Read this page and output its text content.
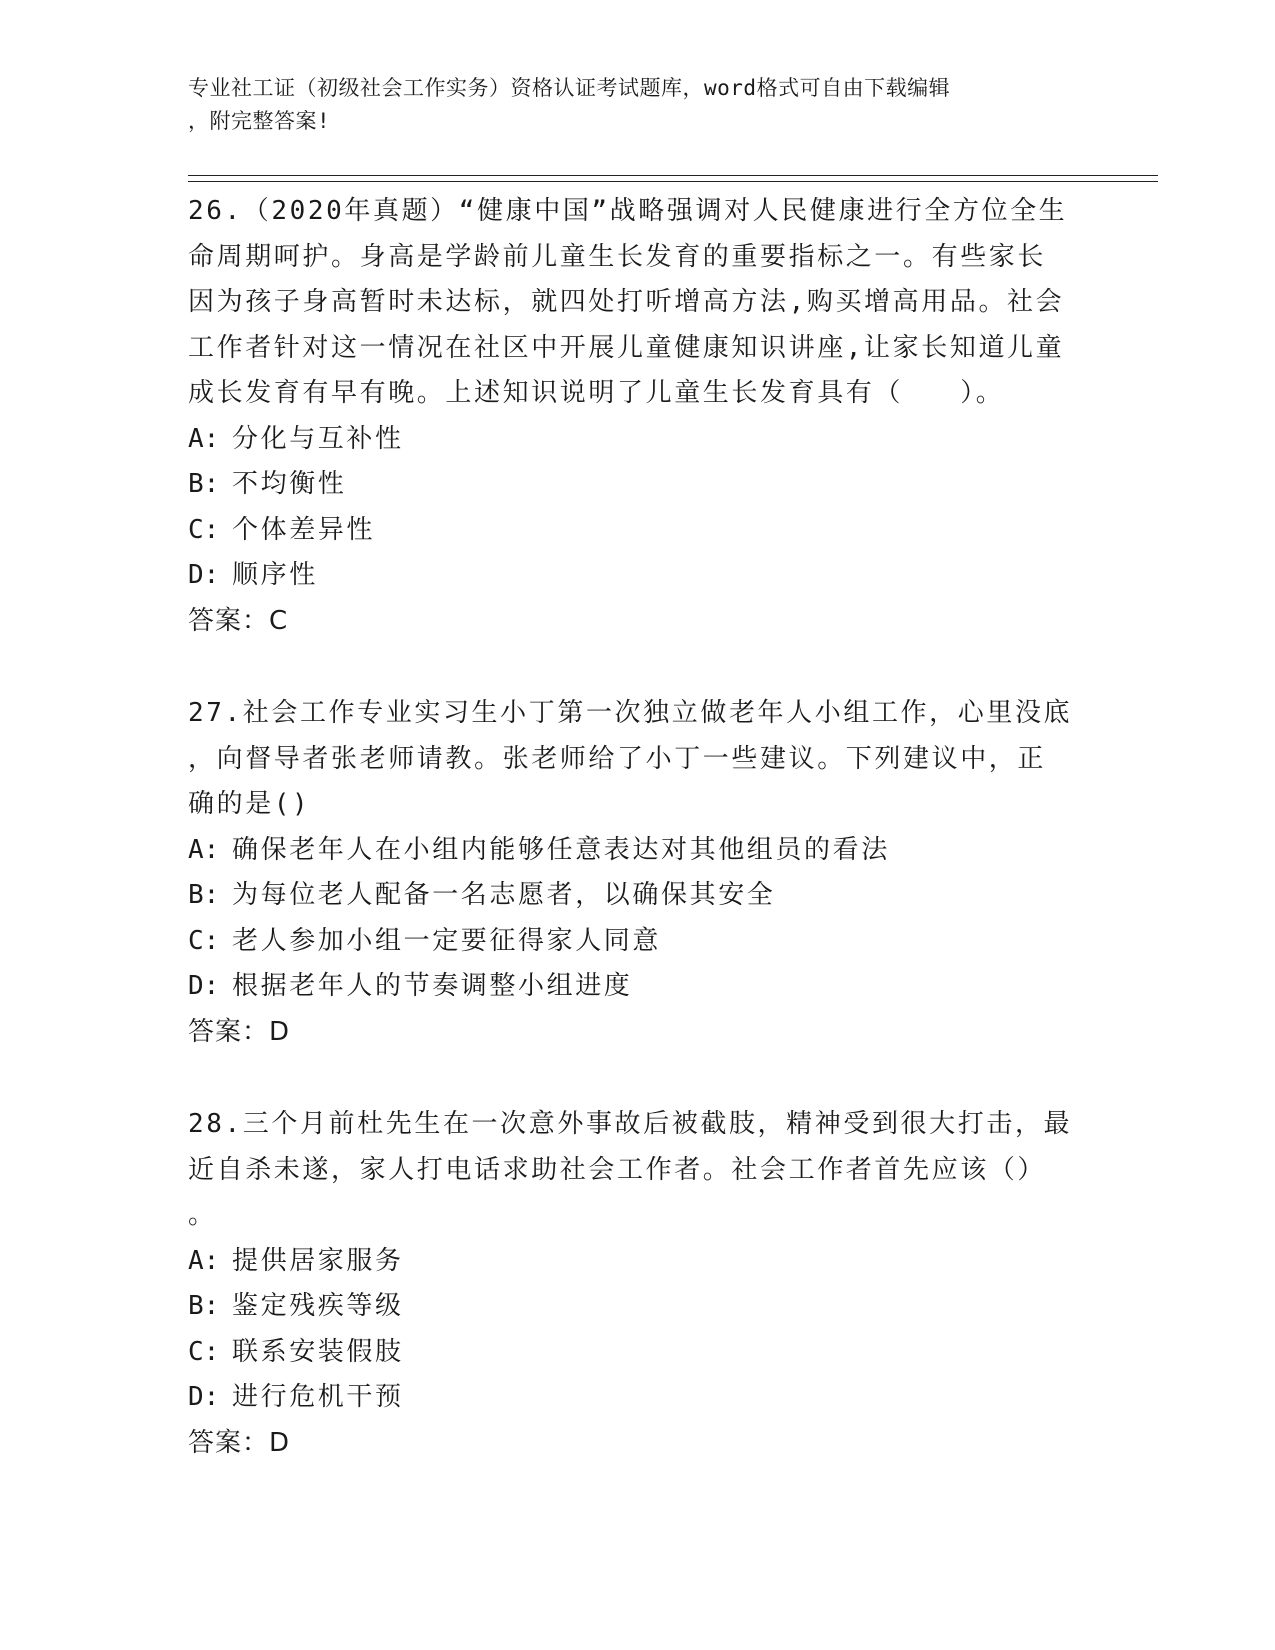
专业社工证（初级社会工作实务）资格认证考试题库，word格式可自由下载编辑
，附完整答案!

26.（2020年真题）“健康中国”战略强调对人民健康进行全方位全生

命周期呵护。身高是学龄前儿童生长发育的重要指标之一。有些家长

因为孩子身高暂时未达标，就四处打听增高方法,购买增高用品。社会

工作者针对这一情况在社区中开展儿童健康知识讲座,让家长知道儿童

成长发育有早有晚。上述知识说明了儿童生长发育具有（　　）。

A: 分化与互补性
B: 不均衡性
C: 个体差异性
D: 顺序性

答案：C

27.社会工作专业实习生小丁第一次独立做老年人小组工作，心里没底

，向督导者张老师请教。张老师给了小丁一些建议。下列建议中，正

确的是()

A: 确保老年人在小组内能够任意表达对其他组员的看法
B: 为每位老人配备一名志愿者，以确保其安全
C: 老人参加小组一定要征得家人同意
D: 根据老年人的节奏调整小组进度

答案：D

28.三个月前杜先生在一次意外事故后被截肢，精神受到很大打击，最

近自杀未遂，家人打电话求助社会工作者。社会工作者首先应该（）

。

A: 提供居家服务
B: 鉴定残疾等级
C: 联系安装假肢
D: 进行危机干预

答案：D
